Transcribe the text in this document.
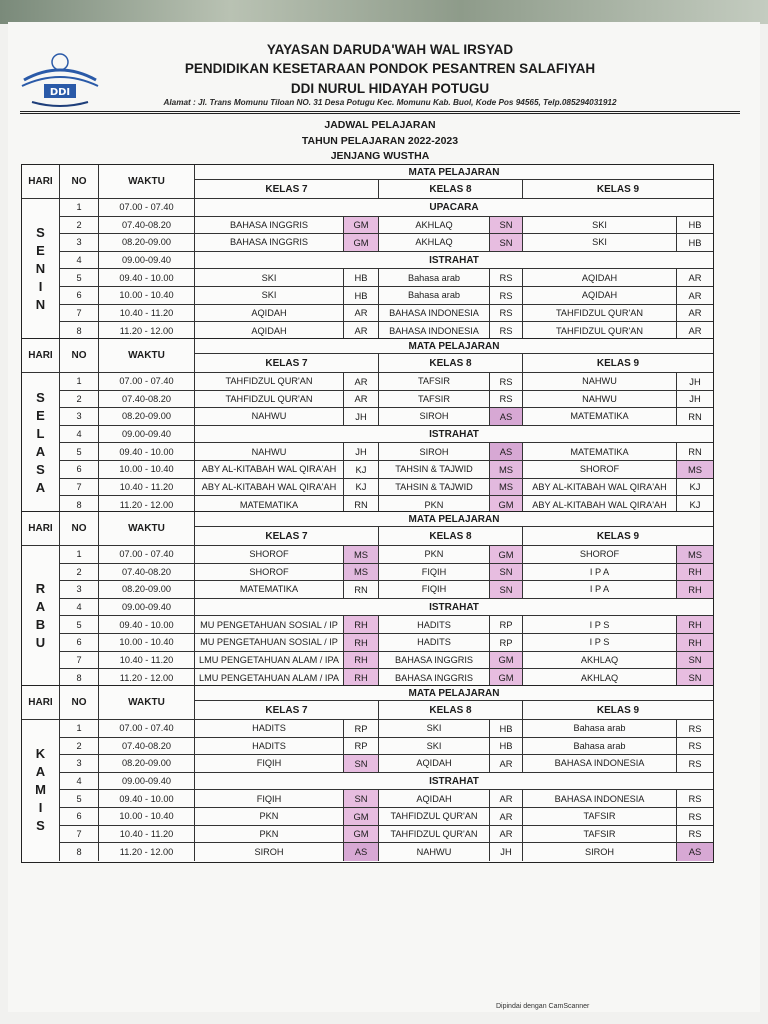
DDI
YAYASAN DARUDA'WAH WAL IRSYAD
PENDIDIKAN KESETARAAN PONDOK PESANTREN SALAFIYAH
DDI NURUL HIDAYAH POTUGU
Alamat : Jl. Trans Momunu Tiloan NO. 31 Desa Potugu Kec. Momunu Kab. Buol, Kode Pos 94565, Telp.085294031912
JADWAL PELAJARAN
TAHUN PELAJARAN 2022-2023
JENJANG WUSTHA
HARI	NO	WAKTU
MATA PELAJARAN
KELAS 7	KELAS 8	KELAS 9
S
E
N
I
N
1	07.00 - 07.40	UPACARA
2	07.40-08.20	BAHASA INGGRIS	GM	AKHLAQ	SN	SKI	HB
3	08.20-09.00	BAHASA INGGRIS	GM	AKHLAQ	SN	SKI	HB
4	09.00-09.40	ISTRAHAT
5	09.40 - 10.00	SKI	HB	Bahasa arab	RS	AQIDAH	AR
6	10.00 - 10.40	SKI	HB	Bahasa arab	RS	AQIDAH	AR
7	10.40 - 11.20	AQIDAH	AR	BAHASA INDONESIA	RS	TAHFIDZUL QUR'AN	AR
8	11.20 - 12.00	AQIDAH	AR	BAHASA INDONESIA	RS	TAHFIDZUL QUR'AN	AR
HARI	NO	WAKTU
MATA PELAJARAN
KELAS 7	KELAS 8	KELAS 9
S
E
L
A
S
A
1	07.00 - 07.40	TAHFIDZUL QUR'AN	AR	TAFSIR	RS	NAHWU	JH
2	07.40-08.20	TAHFIDZUL QUR'AN	AR	TAFSIR	RS	NAHWU	JH
3	08.20-09.00	NAHWU	JH	SIROH	AS	MATEMATIKA	RN
4	09.00-09.40	ISTRAHAT
5	09.40 - 10.00	NAHWU	JH	SIROH	AS	MATEMATIKA	RN
6	10.00 - 10.40	ABY AL-KITABAH WAL QIRA'AH	KJ	TAHSIN & TAJWID	MS	SHOROF	MS
7	10.40 - 11.20	ABY AL-KITABAH WAL QIRA'AH	KJ	TAHSIN & TAJWID	MS	ABY AL-KITABAH WAL QIRA'AH	KJ
8	11.20 - 12.00	MATEMATIKA	RN	PKN	GM	ABY AL-KITABAH WAL QIRA'AH	KJ
HARI	NO	WAKTU
MATA PELAJARAN
KELAS 7	KELAS 8	KELAS 9
R
A
B
U
1	07.00 - 07.40	SHOROF	MS	PKN	GM	SHOROF	MS
2	07.40-08.20	SHOROF	MS	FIQIH	SN	I P A	RH
3	08.20-09.00	MATEMATIKA	RN	FIQIH	SN	I P A	RH
4	09.00-09.40	ISTRAHAT
5	09.40 - 10.00	MU PENGETAHUAN SOSIAL / IP	RH	HADITS	RP	I P S	RH
6	10.00 - 10.40	MU PENGETAHUAN SOSIAL / IP	RH	HADITS	RP	I P S	RH
7	10.40 - 11.20	LMU PENGETAHUAN ALAM / IPA	RH	BAHASA INGGRIS	GM	AKHLAQ	SN
8	11.20 - 12.00	LMU PENGETAHUAN ALAM / IPA	RH	BAHASA INGGRIS	GM	AKHLAQ	SN
HARI	NO	WAKTU
MATA PELAJARAN
KELAS 7	KELAS 8	KELAS 9
K
A
M
I
S
1	07.00 - 07.40	HADITS	RP	SKI	HB	Bahasa arab	RS
2	07.40-08.20	HADITS	RP	SKI	HB	Bahasa arab	RS
3	08.20-09.00	FIQIH	SN	AQIDAH	AR	BAHASA INDONESIA	RS
4	09.00-09.40	ISTRAHAT
5	09.40 - 10.00	FIQIH	SN	AQIDAH	AR	BAHASA INDONESIA	RS
6	10.00 - 10.40	PKN	GM	TAHFIDZUL QUR'AN	AR	TAFSIR	RS
7	10.40 - 11.20	PKN	GM	TAHFIDZUL QUR'AN	AR	TAFSIR	RS
8	11.20 - 12.00	SIROH	AS	NAHWU	JH	SIROH	AS
Dipindai dengan CamScanner
